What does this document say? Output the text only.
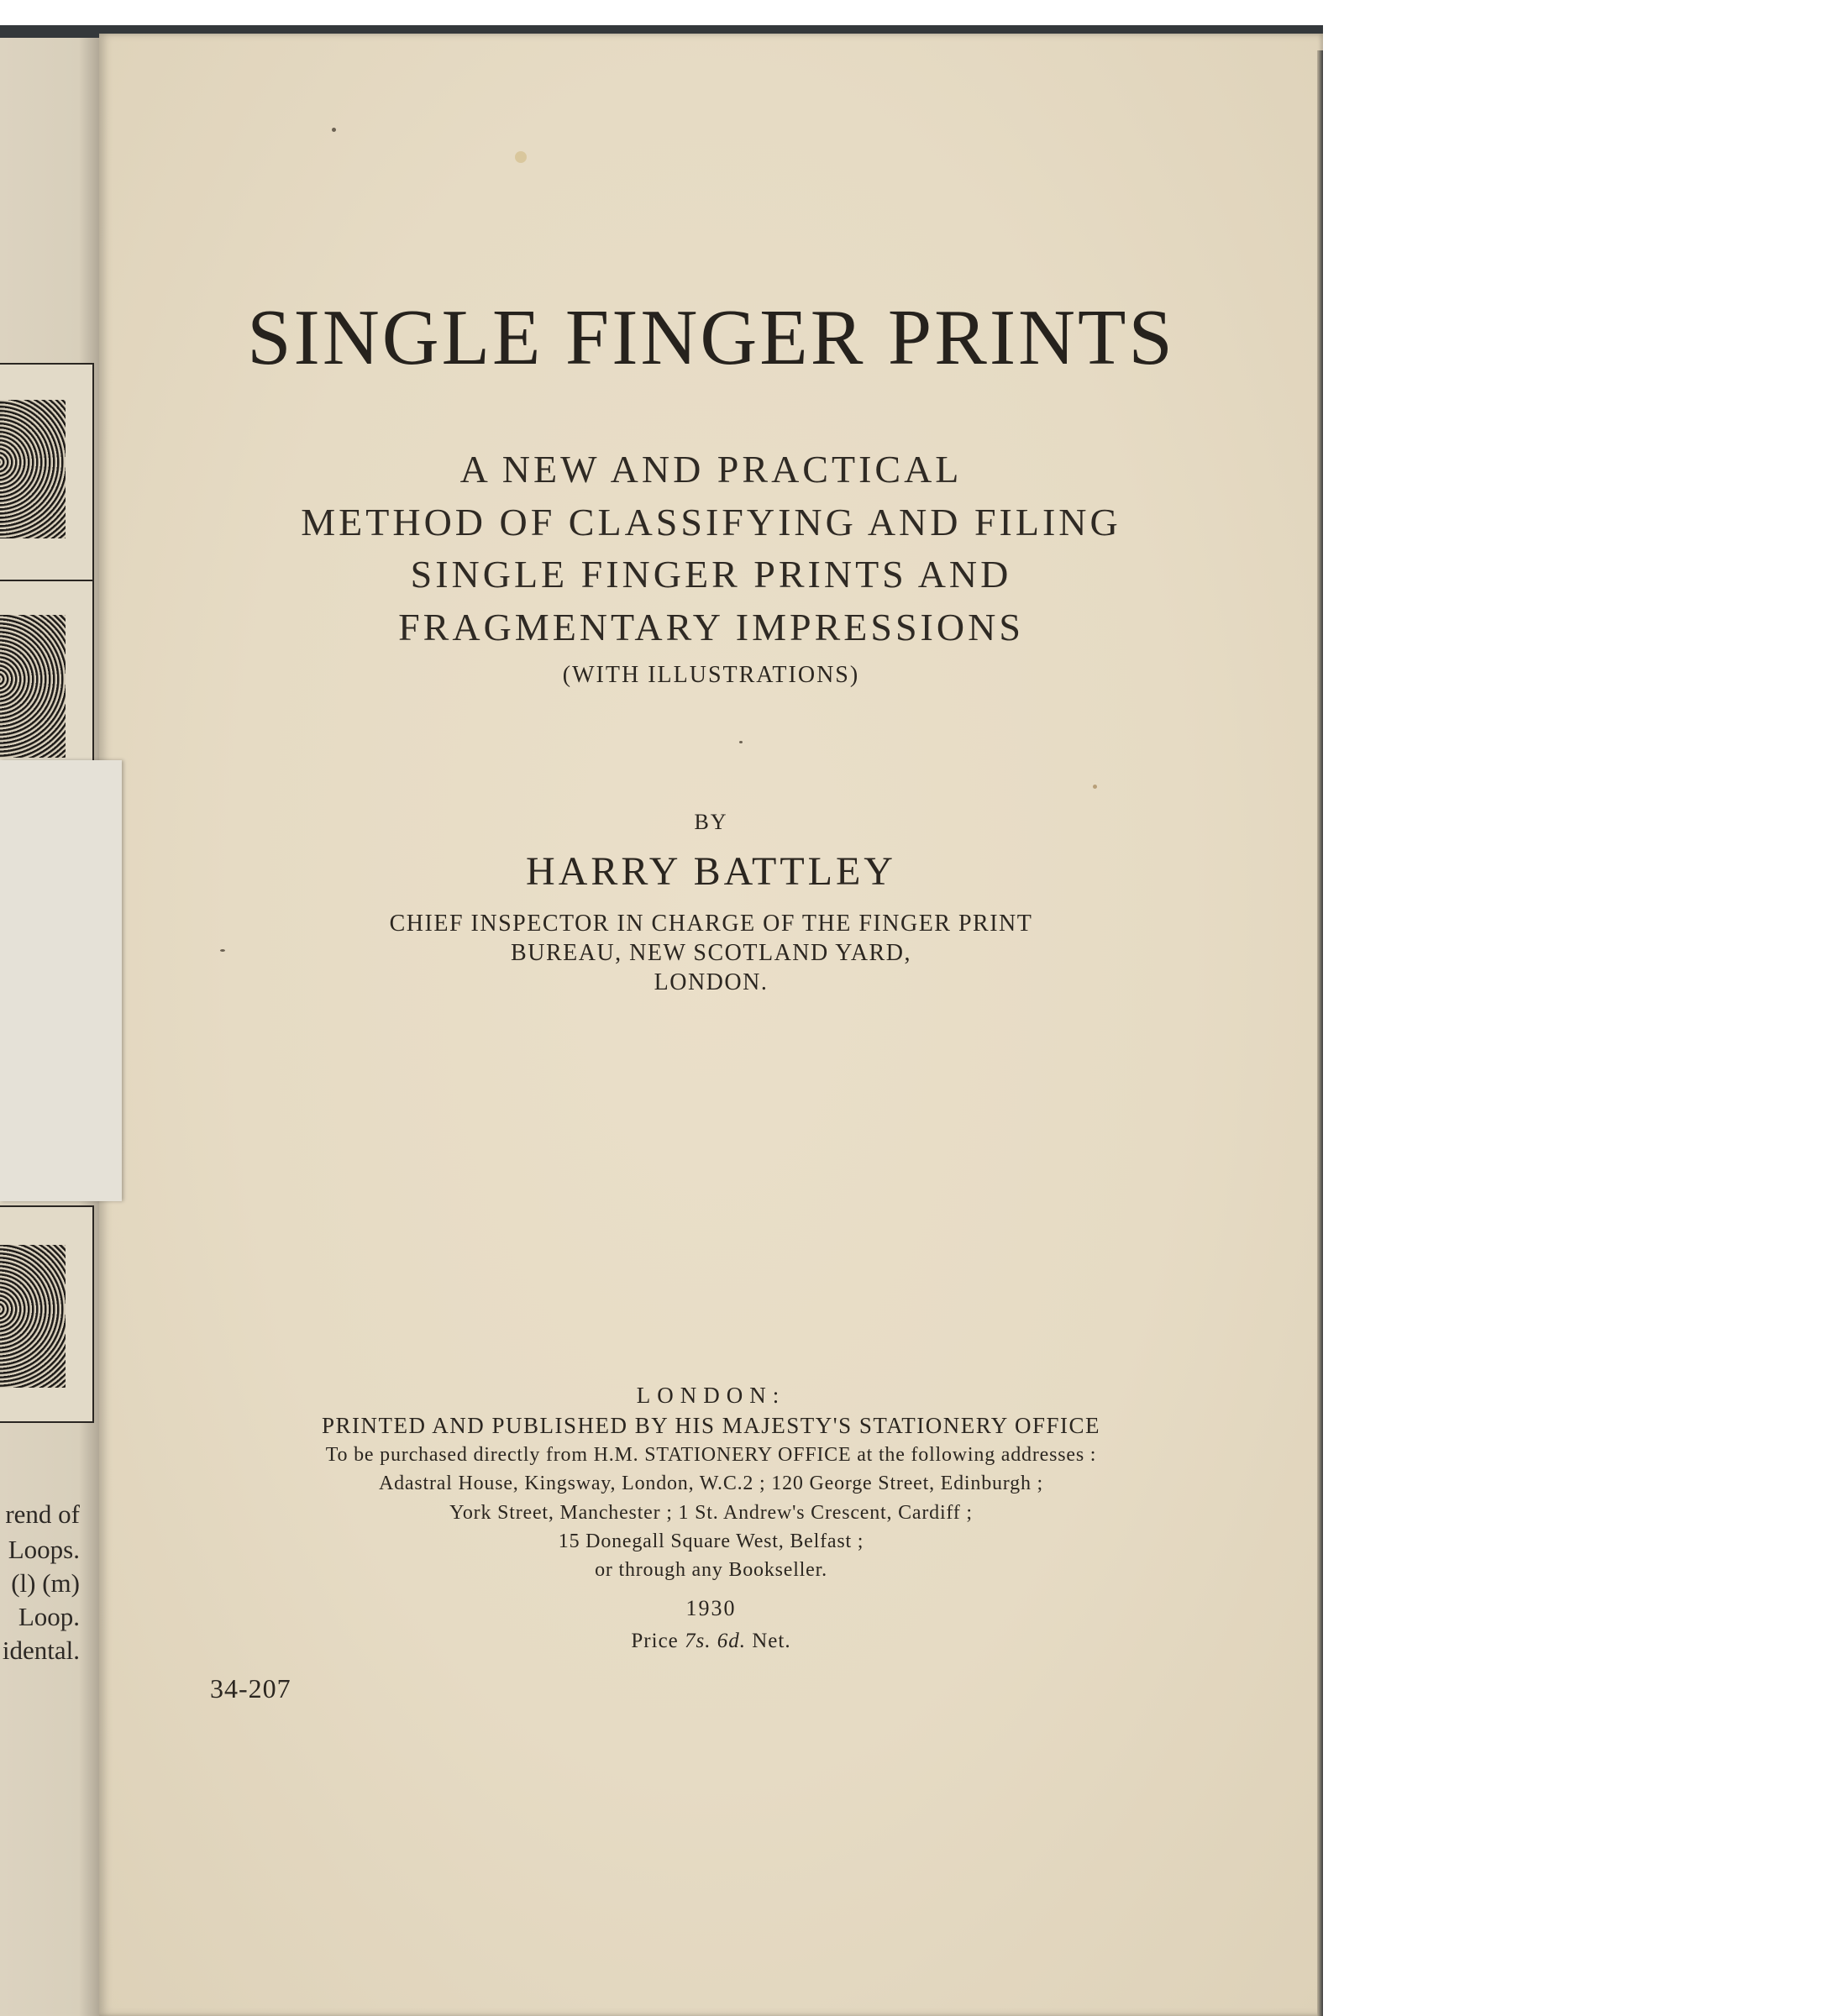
rend of
Loops.
(l) (m)
Loop.
idental.
SINGLE FINGER PRINTS
A NEW AND PRACTICAL
METHOD OF CLASSIFYING AND FILING
SINGLE FINGER PRINTS AND
FRAGMENTARY IMPRESSIONS
(WITH ILLUSTRATIONS)
BY
HARRY BATTLEY
CHIEF INSPECTOR IN CHARGE OF THE FINGER PRINT
BUREAU, NEW SCOTLAND YARD,
LONDON.
LONDON:
PRINTED AND PUBLISHED BY HIS MAJESTY'S STATIONERY OFFICE
To be purchased directly from H.M. STATIONERY OFFICE at the following addresses :
Adastral House, Kingsway, London, W.C.2 ; 120 George Street, Edinburgh ;
York Street, Manchester ; 1 St. Andrew's Crescent, Cardiff ;
15 Donegall Square West, Belfast ;
or through any Bookseller.
1930
Price 7s. 6d. Net.
34-207
